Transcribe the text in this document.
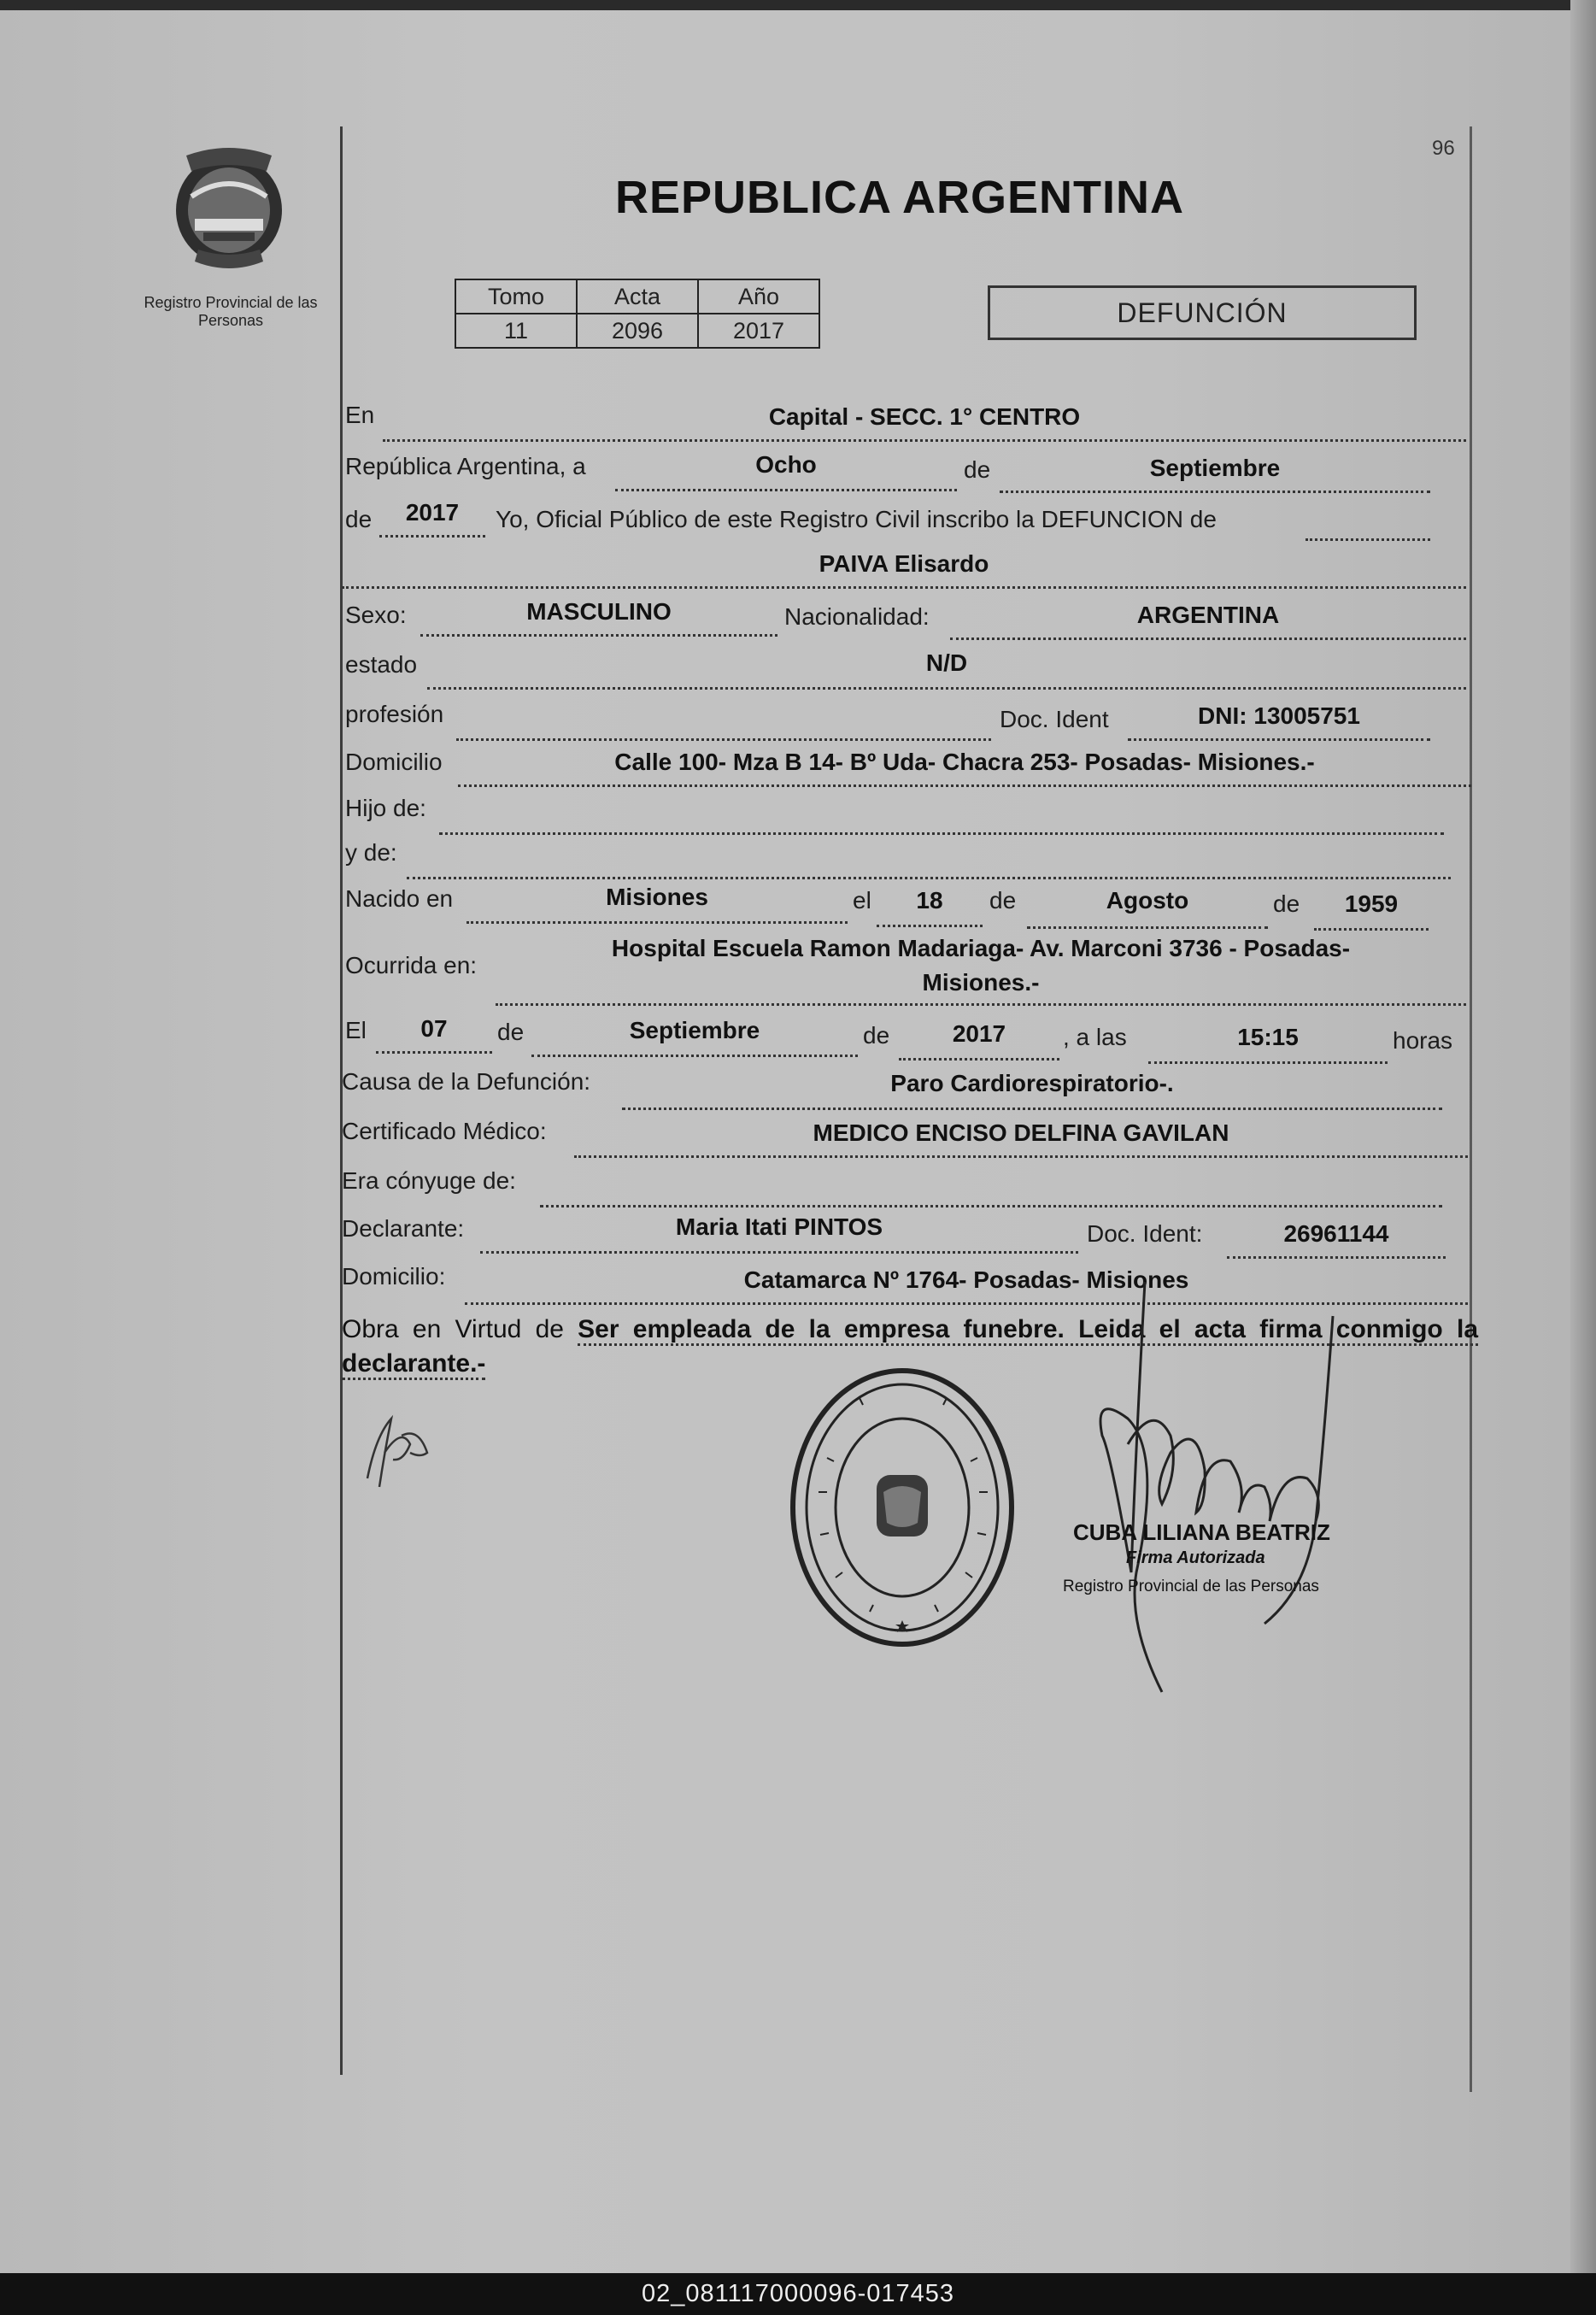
96
Registro Provincial de las Personas
REPUBLICA ARGENTINA
Tomo	Acta	Año
11	2096	2017
DEFUNCIÓN
En	Capital - SECC. 1° CENTRO
República Argentina, a	Ocho	de	Septiembre
de	2017	Yo, Oficial Público de este Registro Civil inscribo la DEFUNCION de
PAIVA Elisardo
Sexo:	MASCULINO	Nacionalidad:	ARGENTINA
estado	N/D
profesión	Doc. Ident	DNI: 13005751
Domicilio	Calle 100- Mza B 14- Bº Uda- Chacra 253- Posadas- Misiones.-
Hijo de:
y de:
Nacido en	Misiones	el	18	de	Agosto	de	1959
Ocurrida en:
Hospital Escuela Ramon Madariaga- Av. Marconi 3736 - Posadas-
Misiones.-
El	07	de	Septiembre	de	2017	, a las	15:15	horas
Causa de la Defunción:	Paro Cardiorespiratorio-.
Certificado Médico:	MEDICO ENCISO DELFINA GAVILAN
Era cónyuge de:
Declarante:	Maria Itati PINTOS	Doc. Ident:	26961144
Domicilio:	Catamarca Nº 1764- Posadas- Misiones
Obra en Virtud de Ser empleada de la empresa funebre. Leida el acta firma conmigo la declarante.-
CUBA LILIANA BEATRIZ
Firma Autorizada
Registro Provincial de las Personas
02_081117000096-017453
